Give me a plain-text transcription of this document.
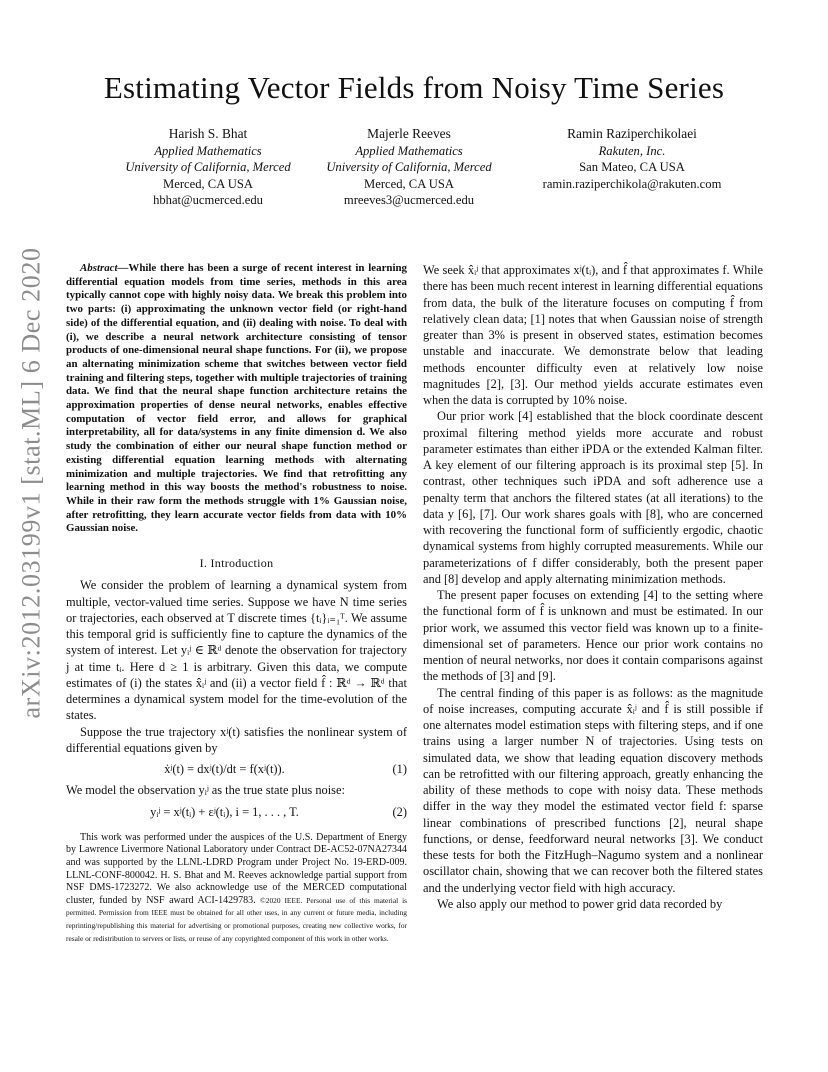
Estimating Vector Fields from Noisy Time Series
Harish S. Bhat
Applied Mathematics
University of California, Merced
Merced, CA USA
hbhat@ucmerced.edu
Majerle Reeves
Applied Mathematics
University of California, Merced
Merced, CA USA
mreeves3@ucmerced.edu
Ramin Raziperchikolaei
Rakuten, Inc.
San Mateo, CA USA
ramin.raziperchikola@rakuten.com
arXiv:2012.03199v1 [stat.ML] 6 Dec 2020	Abstract—While there has been a surge of recent interest in learning differential equation models from time series, methods in this area typically cannot cope with highly noisy data. We break this problem into two parts: (i) approximating the unknown vector field (or right-hand side) of the differential equation, and (ii) dealing with noise. To deal with (i), we describe a neural network architecture consisting of tensor products of one-dimensional neural shape functions. For (ii), we propose an alternating minimization scheme that switches between vector field training and filtering steps, together with multiple trajectories of training data. We find that the neural shape function architecture retains the approximation properties of dense neural networks, enables effective computation of vector field error, and allows for graphical interpretability, all for data/systems in any finite dimension d. We also study the combination of either our neural shape function method or existing differential equation learning methods with alternating minimization and multiple trajectories. We find that retrofitting any learning method in this way boosts the method's robustness to noise. While in their raw form the methods struggle with 1% Gaussian noise, after retrofitting, they learn accurate vector fields from data with 10% Gaussian noise.

I. Introduction

We consider the problem of learning a dynamical system from multiple, vector-valued time series. Suppose we have N time series or trajectories, each observed at T discrete times {tᵢ}ᵢ₌₁ᵀ. We assume this temporal grid is sufficiently fine to capture the dynamics of the system of interest. Let yᵢʲ ∈ ℝᵈ denote the observation for trajectory j at time tᵢ. Here d ≥ 1 is arbitrary. Given this data, we compute estimates of (i) the states x̂ᵢʲ and (ii) a vector field f̂ : ℝᵈ → ℝᵈ that determines a dynamical system model for the time-evolution of the states.

Suppose the true trajectory xʲ(t) satisfies the nonlinear system of differential equations given by

ẋʲ(t) = dxʲ(t)/dt = f(xʲ(t)).	(1)

We model the observation yᵢʲ as the true state plus noise:

yᵢʲ = xʲ(tᵢ) + εʲ(tᵢ), i = 1, . . . , T.	(2)
This work was performed under the auspices of the U.S. Department of Energy by Lawrence Livermore National Laboratory under Contract DE-AC52-07NA27344 and was supported by the LLNL-LDRD Program under Project No. 19-ERD-009. LLNL-CONF-800042. H. S. Bhat and M. Reeves acknowledge partial support from NSF DMS-1723272. We also acknowledge use of the MERCED computational cluster, funded by NSF award ACI-1429783. ©2020 IEEE. Personal use of this material is permitted. Permission from IEEE must be obtained for all other uses, in any current or future media, including reprinting/republishing this material for advertising or promotional purposes, creating new collective works, for resale or redistribution to servers or lists, or reuse of any copyrighted component of this work in other works.

We seek x̂ᵢʲ that approximates xʲ(tᵢ), and f̂ that approximates f. While there has been much recent interest in learning differential equations from data, the bulk of the literature focuses on computing f̂ from relatively clean data; [1] notes that when Gaussian noise of strength greater than 3% is present in observed states, estimation becomes unstable and inaccurate. We demonstrate below that leading methods encounter difficulty even at relatively low noise magnitudes [2], [3]. Our method yields accurate estimates even when the data is corrupted by 10% noise.

Our prior work [4] established that the block coordinate descent proximal filtering method yields more accurate and robust parameter estimates than either iPDA or the extended Kalman filter. A key element of our filtering approach is its proximal step [5]. In contrast, other techniques such iPDA and soft adherence use a penalty term that anchors the filtered states (at all iterations) to the data y [6], [7]. Our work shares goals with [8], who are concerned with recovering the functional form of sufficiently ergodic, chaotic dynamical systems from highly corrupted measurements. While our parameterizations of f differ considerably, both the present paper and [8] develop and apply alternating minimization methods.

The present paper focuses on extending [4] to the setting where the functional form of f̂ is unknown and must be estimated. In our prior work, we assumed this vector field was known up to a finite-dimensional set of parameters. Hence our prior work contains no mention of neural networks, nor does it contain comparisons against the methods of [3] and [9].

The central finding of this paper is as follows: as the magnitude of noise increases, computing accurate x̂ᵢʲ and f̂ is still possible if one alternates model estimation steps with filtering steps, and if one trains using a larger number N of trajectories. Using tests on simulated data, we show that leading equation discovery methods can be retrofitted with our filtering approach, greatly enhancing the ability of these methods to cope with noisy data. These methods differ in the way they model the estimated vector field f: sparse linear combinations of prescribed functions [2], neural shape functions, or dense, feedforward neural networks [3]. We conduct these tests for both the FitzHugh–Nagumo system and a nonlinear oscillator chain, showing that we can recover both the filtered states and the underlying vector field with high accuracy.

We also apply our method to power grid data recorded by
